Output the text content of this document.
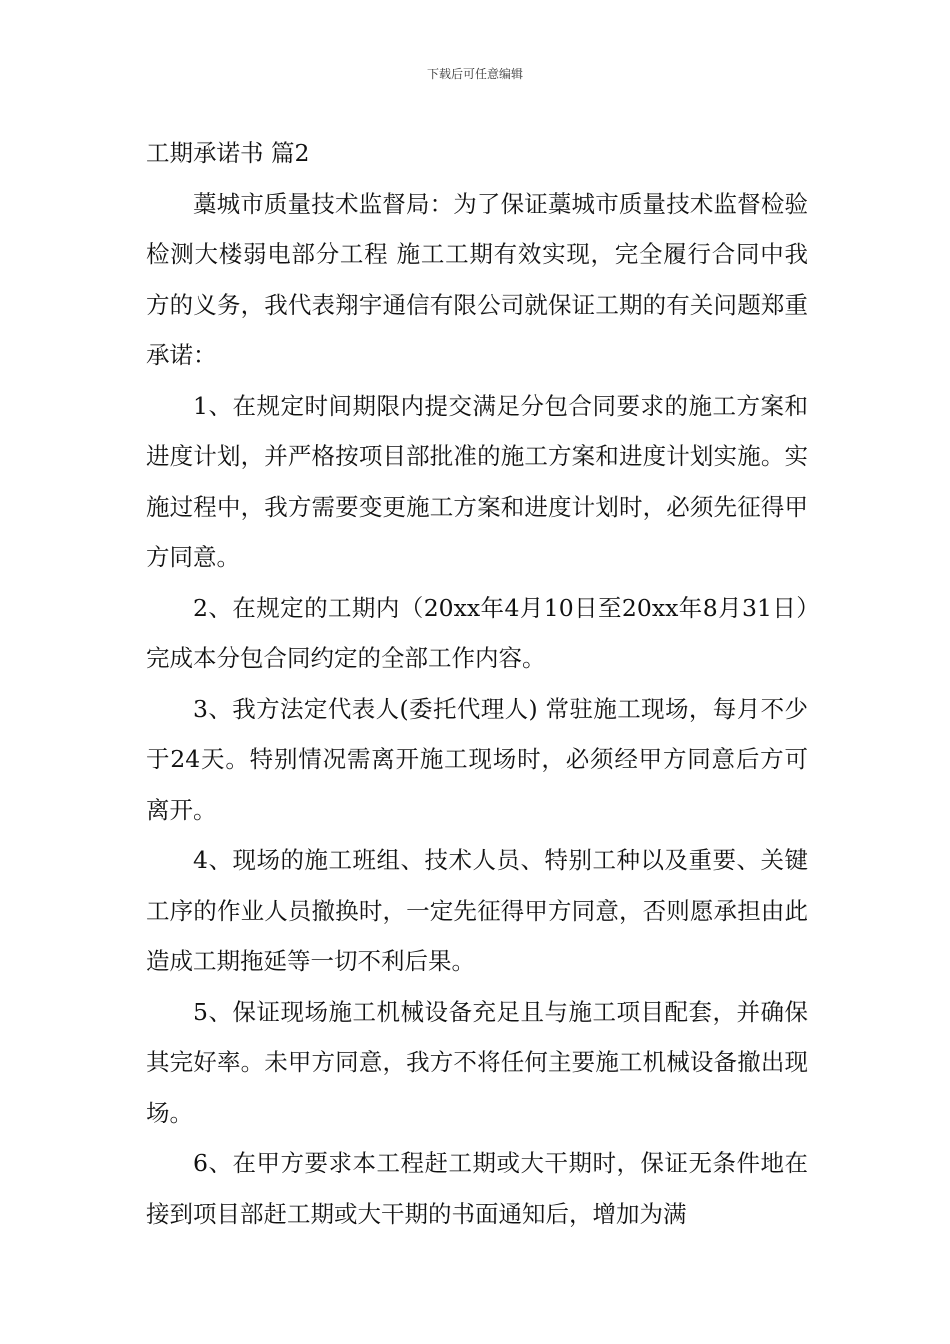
下载后可任意编辑
工期承诺书 篇2

藁城市质量技术监督局：为了保证藁城市质量技术监督检验检测大楼弱电部分工程 施工工期有效实现，完全履行合同中我方的义务，我代表翔宇通信有限公司就保证工期的有关问题郑重承诺：

1、在规定时间期限内提交满足分包合同要求的施工方案和进度计划，并严格按项目部批准的施工方案和进度计划实施。实施过程中，我方需要变更施工方案和进度计划时，必须先征得甲方同意。

2、在规定的工期内（20xx年4月10日至20xx年8月31日）完成本分包合同约定的全部工作内容。

3、我方法定代表人(委托代理人) 常驻施工现场，每月不少于24天。特别情况需离开施工现场时，必须经甲方同意后方可离开。

4、现场的施工班组、技术人员、特别工种以及重要、关键工序的作业人员撤换时，一定先征得甲方同意，否则愿承担由此造成工期拖延等一切不利后果。

5、保证现场施工机械设备充足且与施工项目配套，并确保其完好率。未甲方同意，我方不将任何主要施工机械设备撤出现场。

6、在甲方要求本工程赶工期或大干期时，保证无条件地在接到项目部赶工期或大干期的书面通知后，增加为满
